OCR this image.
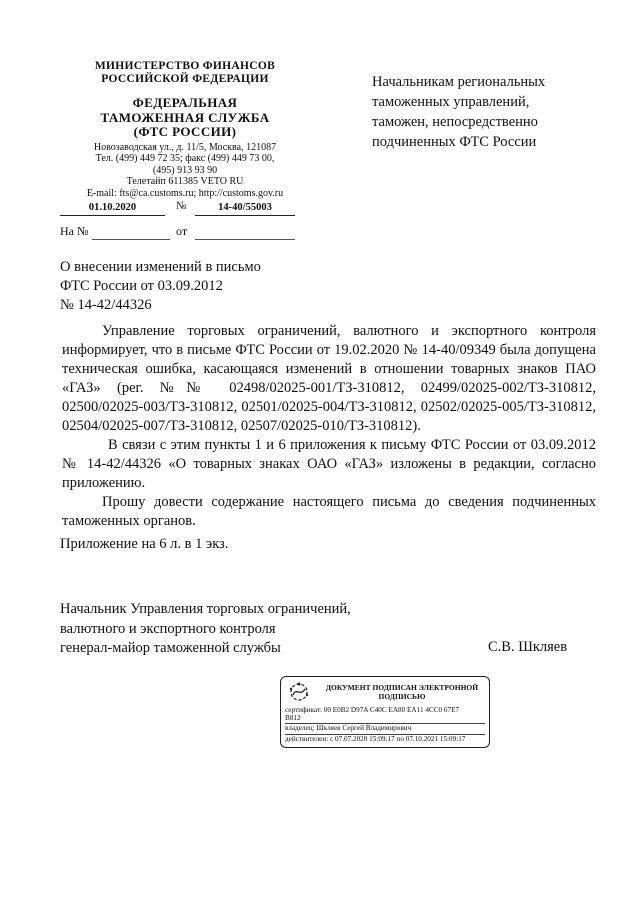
МИНИСТЕРСТВО ФИНАНСОВ
РОССИЙСКОЙ ФЕДЕРАЦИИ
ФЕДЕРАЛЬНАЯ
ТАМОЖЕННАЯ СЛУЖБА
(ФТС РОССИИ)
Новозаводская ул., д. 11/5, Москва, 121087
Тел. (499) 449 72 35; факс (499) 449 73 00,
(495) 913 93 90
Телетайп 611385 VETO RU
E-mail: fts@ca.customs.ru; http://customs.gov.ru
01.10.2020	№	14-40/55003
На №	от
Начальникам региональных
таможенных управлений,
таможен, непосредственно
подчиненных ФТС России
О внесении изменений в письмо
ФТС России от 03.09.2012
№ 14-42/44326

Управление торговых ограничений, валютного и экспортного контроля информирует, что в письме ФТС России от 19.02.2020 № 14-40/09349 была допущена техническая ошибка, касающаяся изменений в отношении товарных знаков ПАО «ГАЗ» (рег. №№ 02498/02025-001/ТЗ-310812, 02499/02025-002/ТЗ-310812, 02500/02025-003/ТЗ-310812, 02501/02025-004/ТЗ-310812, 02502/02025-005/ТЗ-310812, 02504/02025-007/ТЗ-310812, 02507/02025-010/ТЗ-310812).

В связи с этим пункты 1 и 6 приложения к письму ФТС России от 03.09.2012 № 14-42/44326 «О товарных знаках ОАО «ГАЗ» изложены в редакции, согласно приложению.

Прошу довести содержание настоящего письма до сведения подчиненных таможенных органов.

Приложение на 6 л. в 1 экз.
Начальник Управления торговых ограничений,
валютного и экспортного контроля
генерал-майор таможенной службы	С.В. Шкляев
ДОКУМЕНТ ПОДПИСАН ЭЛЕКТРОННОЙ
ПОДПИСЬЮ
сертификат: 00 E0B2 D97A C40C EA80 EA11 4CC0 67E7
B812
владелец: Шкляев Сергей Владимирович
действителен: с 07.07.2020 15:09:17 по 07.10.2021 15:09:17
